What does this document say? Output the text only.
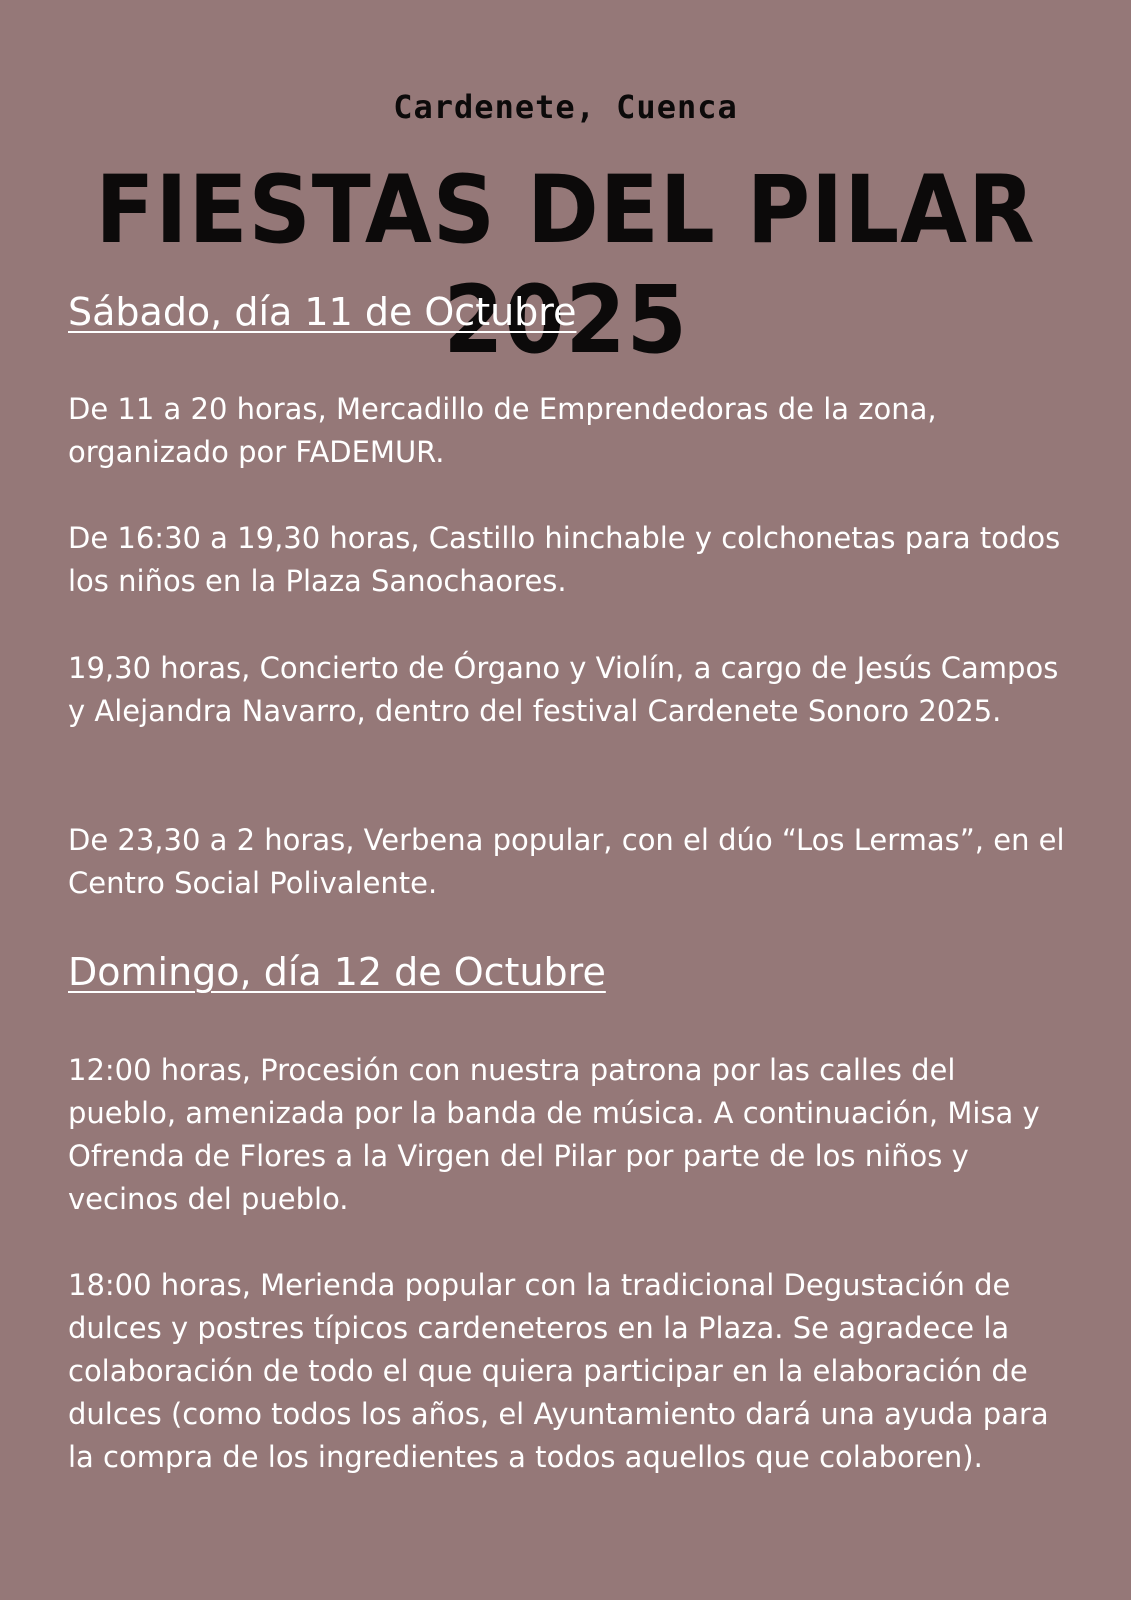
Cardenete, Cuenca
FIESTAS DEL PILAR 2025
Sábado, día 11 de Octubre

De 11 a 20 horas, Mercadillo de Emprendedoras de la zona, organizado por FADEMUR.

De 16:30 a 19,30 horas, Castillo hinchable y colchonetas para todos los niños en la Plaza Sanochaores.

19,30 horas, Concierto de Órgano y Violín, a cargo de Jesús Campos y Alejandra Navarro, dentro del festival Cardenete Sonoro 2025.

De 23,30 a 2 horas, Verbena popular, con el dúo “Los Lermas”, en el Centro Social Polivalente.

Domingo, día 12 de Octubre

12:00 horas, Procesión con nuestra patrona por las calles del pueblo, amenizada por la banda de música. A continuación, Misa y Ofrenda de Flores a la Virgen del Pilar por parte de los niños y vecinos del pueblo.

18:00 horas, Merienda popular con la tradicional Degustación de dulces y postres típicos cardeneteros en la Plaza. Se agradece la colaboración de todo el que quiera participar en la elaboración de dulces (como todos los años, el Ayuntamiento dará una ayuda para la compra de los ingredientes a todos aquellos que colaboren).
